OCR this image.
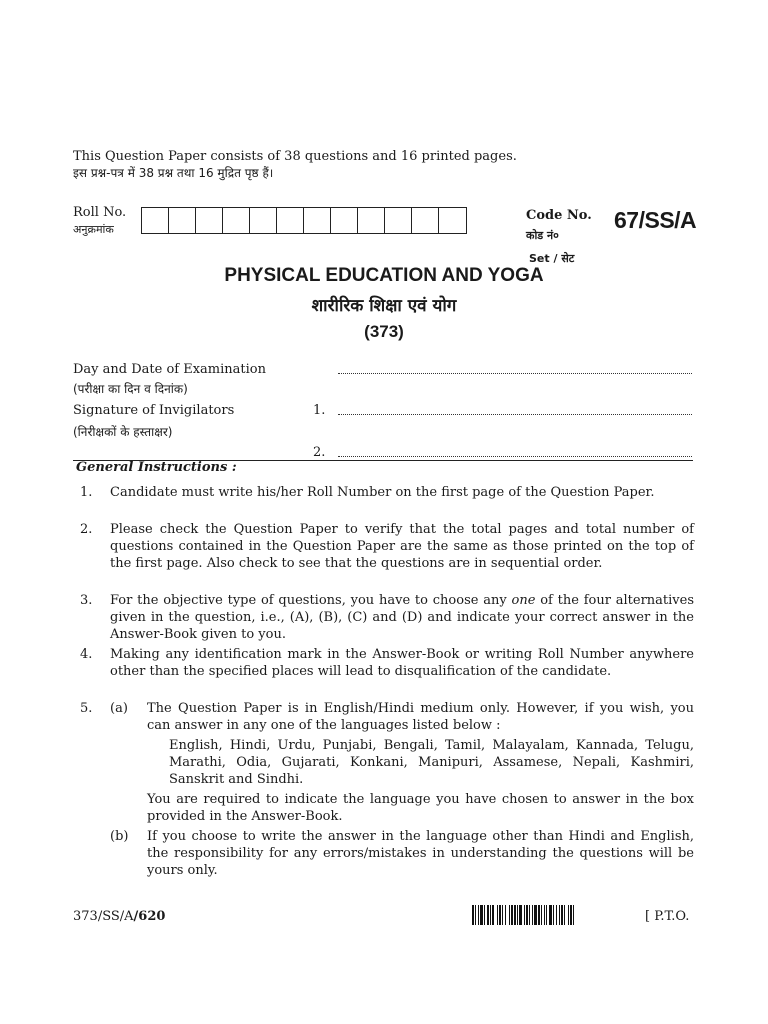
This Question Paper consists of 38 questions and 16 printed pages.
इस प्रश्न-पत्र में 38 प्रश्न तथा 16 मुद्रित पृष्ठ हैं।
Roll No.
अनुक्रमांक
Code No.
कोड नं०
67/SS/A
Set / सेट
PHYSICAL EDUCATION AND YOGA
शारीरिक शिक्षा एवं योग
(373)
Day and Date of Examination
(परीक्षा का दिन व दिनांक)
Signature of Invigilators
(निरीक्षकों के हस्ताक्षर)
1.
2.
General Instructions :
1. Candidate must write his/her Roll Number on the first page of the Question Paper.
2. Please check the Question Paper to verify that the total pages and total number of questions contained in the Question Paper are the same as those printed on the top of the first page. Also check to see that the questions are in sequential order.
3. For the objective type of questions, you have to choose any one of the four alternatives given in the question, i.e., (A), (B), (C) and (D) and indicate your correct answer in the Answer-Book given to you.
4. Making any identification mark in the Answer-Book or writing Roll Number anywhere other than the specified places will lead to disqualification of the candidate.
5. (a) The Question Paper is in English/Hindi medium only. However, if you wish, you can answer in any one of the languages listed below :
English, Hindi, Urdu, Punjabi, Bengali, Tamil, Malayalam, Kannada, Telugu, Marathi, Odia, Gujarati, Konkani, Manipuri, Assamese, Nepali, Kashmiri, Sanskrit and Sindhi.
You are required to indicate the language you have chosen to answer in the box provided in the Answer-Book.
(b) If you choose to write the answer in the language other than Hindi and English, the responsibility for any errors/mistakes in understanding the questions will be yours only.
373/SS/A/620	[ P.T.O.
